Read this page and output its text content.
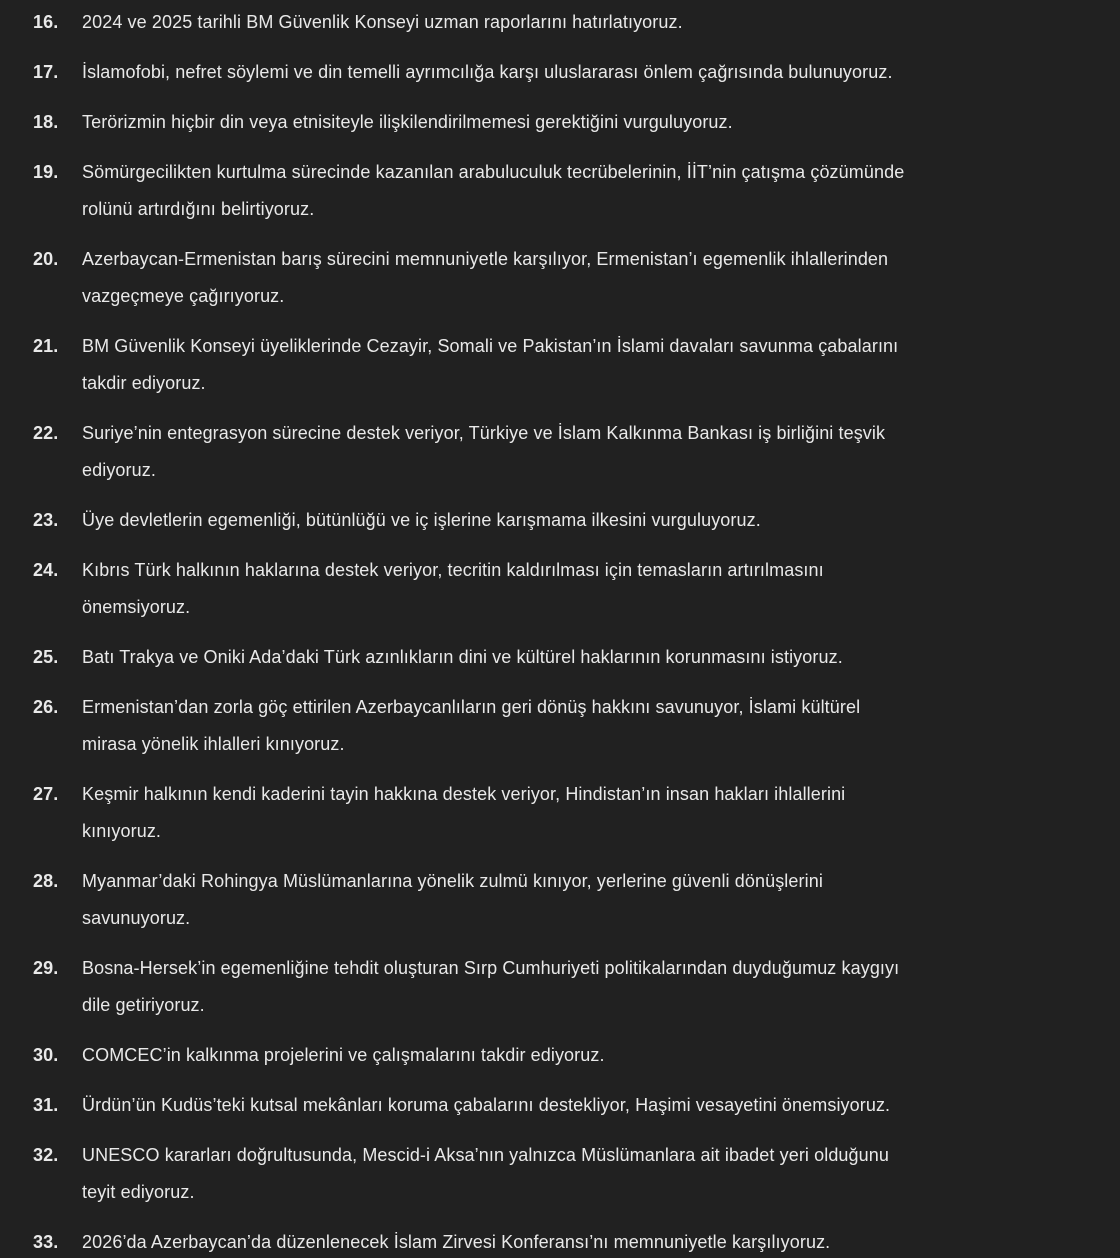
16.	2024 ve 2025 tarihli BM Güvenlik Konseyi uzman raporlarını hatırlatıyoruz.
17.	İslamofobi, nefret söylemi ve din temelli ayrımcılığa karşı uluslararası önlem çağrısında bulunuyoruz.
18.	Terörizmin hiçbir din veya etnisiteyle ilişkilendirilmemesi gerektiğini vurguluyoruz.
19.	Sömürgecilikten kurtulma sürecinde kazanılan arabuluculuk tecrübelerinin, İİT’nin çatışma çözümünde
rolünü artırdığını belirtiyoruz.
20.	Azerbaycan-Ermenistan barış sürecini memnuniyetle karşılıyor, Ermenistan’ı egemenlik ihlallerinden
vazgeçmeye çağırıyoruz.
21.	BM Güvenlik Konseyi üyeliklerinde Cezayir, Somali ve Pakistan’ın İslami davaları savunma çabalarını
takdir ediyoruz.
22.	Suriye’nin entegrasyon sürecine destek veriyor, Türkiye ve İslam Kalkınma Bankası iş birliğini teşvik
ediyoruz.
23.	Üye devletlerin egemenliği, bütünlüğü ve iç işlerine karışmama ilkesini vurguluyoruz.
24.	Kıbrıs Türk halkının haklarına destek veriyor, tecritin kaldırılması için temasların artırılmasını
önemsiyoruz.
25.	Batı Trakya ve Oniki Ada’daki Türk azınlıkların dini ve kültürel haklarının korunmasını istiyoruz.
26.	Ermenistan’dan zorla göç ettirilen Azerbaycanlıların geri dönüş hakkını savunuyor, İslami kültürel
mirasa yönelik ihlalleri kınıyoruz.
27.	Keşmir halkının kendi kaderini tayin hakkına destek veriyor, Hindistan’ın insan hakları ihlallerini
kınıyoruz.
28.	Myanmar’daki Rohingya Müslümanlarına yönelik zulmü kınıyor, yerlerine güvenli dönüşlerini
savunuyoruz.
29.	Bosna-Hersek’in egemenliğine tehdit oluşturan Sırp Cumhuriyeti politikalarından duyduğumuz kaygıyı
dile getiriyoruz.
30.	COMCEC’in kalkınma projelerini ve çalışmalarını takdir ediyoruz.
31.	Ürdün’ün Kudüs’teki kutsal mekânları koruma çabalarını destekliyor, Haşimi vesayetini önemsiyoruz.
32.	UNESCO kararları doğrultusunda, Mescid-i Aksa’nın yalnızca Müslümanlara ait ibadet yeri olduğunu
teyit ediyoruz.
33.	2026’da Azerbaycan’da düzenlenecek İslam Zirvesi Konferansı’nı memnuniyetle karşılıyoruz.
